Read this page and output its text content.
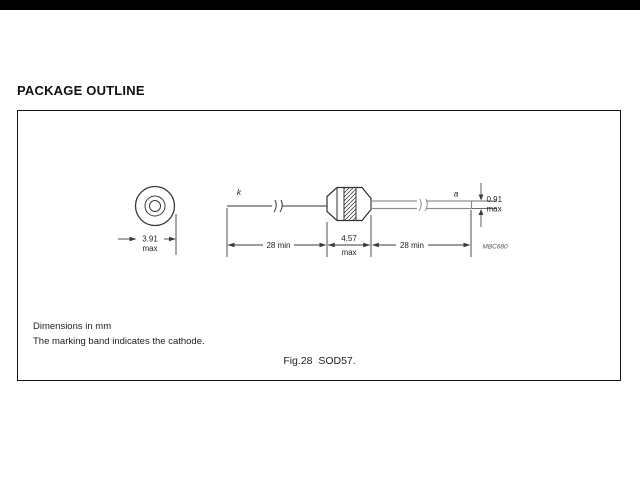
PACKAGE OUTLINE
3.91
max
k	a
0.91
max
28 min
4.57
max
28 min	MBC680
Dimensions in mm
The marking band indicates the cathode.
Fig.28  SOD57.
